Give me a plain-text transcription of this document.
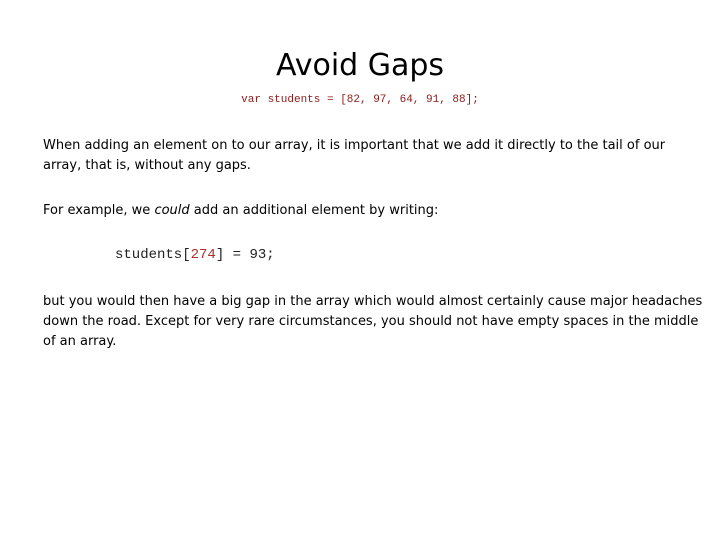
Avoid Gaps
var students = [82, 97, 64, 91, 88];

When adding an element on to our array, it is important that we add it directly to the tail of our array, that is, without any gaps.

For example, we could add an additional element by writing:

students[274] = 93;

but you would then have a big gap in the array which would almost certainly cause major headaches down the road. Except for very rare circumstances, you should not have empty spaces in the middle of an array.
